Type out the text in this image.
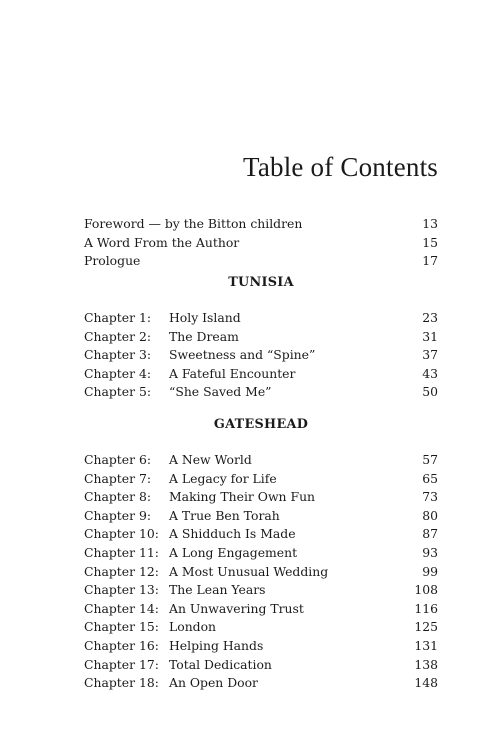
Table of Contents
Foreword — by the Bitton children	13
A Word From the Author	15
Prologue	17
TUNISIA
Chapter 1: Holy Island	23
Chapter 2: The Dream	31
Chapter 3: Sweetness and “Spine”	37
Chapter 4: A Fateful Encounter	43
Chapter 5: “She Saved Me”	50
GATESHEAD
Chapter 6: A New World	57
Chapter 7: A Legacy for Life	65
Chapter 8: Making Their Own Fun	73
Chapter 9: A True Ben Torah	80
Chapter 10: A Shidduch Is Made	87
Chapter 11: A Long Engagement	93
Chapter 12: A Most Unusual Wedding	99
Chapter 13: The Lean Years	108
Chapter 14: An Unwavering Trust	116
Chapter 15: London	125
Chapter 16: Helping Hands	131
Chapter 17: Total Dedication	138
Chapter 18: An Open Door	148
